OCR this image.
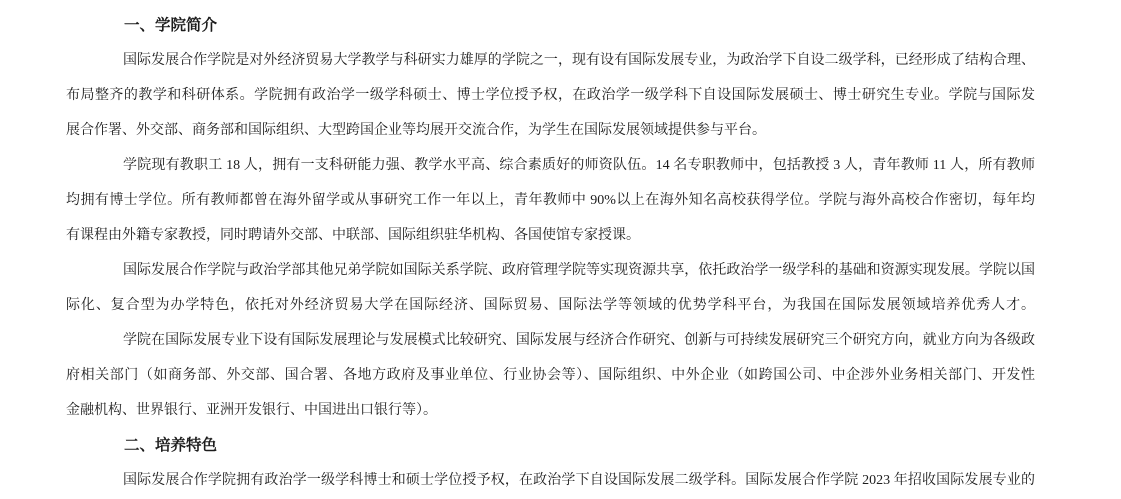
一、学院简介
国际发展合作学院是对外经济贸易大学教学与科研实力雄厚的学院之一，现有设有国际发展专业，为政治学下自设二级学科，已经形成了结构合理、
布局整齐的教学和科研体系。学院拥有政治学一级学科硕士、博士学位授予权，在政治学一级学科下自设国际发展硕士、博士研究生专业。学院与国际发
展合作署、外交部、商务部和国际组织、大型跨国企业等均展开交流合作，为学生在国际发展领域提供参与平台。
学院现有教职工 18 人，拥有一支科研能力强、教学水平高、综合素质好的师资队伍。14 名专职教师中，包括教授 3 人，青年教师 11 人，所有教师
均拥有博士学位。所有教师都曾在海外留学或从事研究工作一年以上，青年教师中 90%以上在海外知名高校获得学位。学院与海外高校合作密切，每年均
有课程由外籍专家教授，同时聘请外交部、中联部、国际组织驻华机构、各国使馆专家授课。
国际发展合作学院与政治学部其他兄弟学院如国际关系学院、政府管理学院等实现资源共享，依托政治学一级学科的基础和资源实现发展。学院以国
际化、复合型为办学特色，依托对外经济贸易大学在国际经济、国际贸易、国际法学等领域的优势学科平台，为我国在国际发展领域培养优秀人才。
学院在国际发展专业下设有国际发展理论与发展模式比较研究、国际发展与经济合作研究、创新与可持续发展研究三个研究方向，就业方向为各级政
府相关部门（如商务部、外交部、国合署、各地方政府及事业单位、行业协会等）、国际组织、中外企业（如跨国公司、中企涉外业务相关部门、开发性
金融机构、世界银行、亚洲开发银行、中国进出口银行等）。
二、培养特色
国际发展合作学院拥有政治学一级学科博士和硕士学位授予权，在政治学下自设国际发展二级学科。国际发展合作学院 2023 年招收国际发展专业的
